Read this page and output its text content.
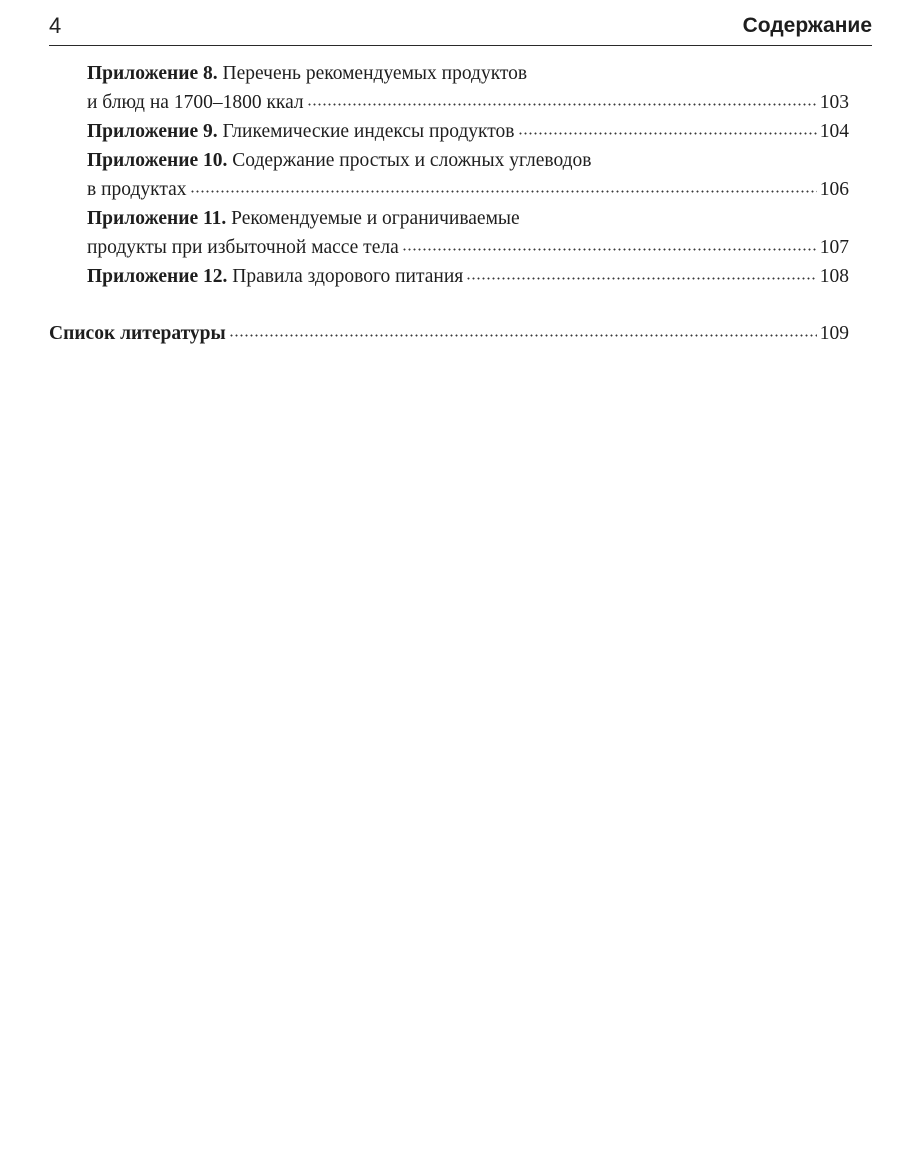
4	Содержание
Приложение 8. Перечень рекомендуемых продуктов
и блюд на 1700–1800 ккал	103
Приложение 9. Гликемические индексы продуктов	104
Приложение 10. Содержание простых и сложных углеводов
в продуктах	106
Приложение 11. Рекомендуемые и ограничиваемые
продукты при избыточной массе тела	107
Приложение 12. Правила здорового питания	108
Список литературы	109
